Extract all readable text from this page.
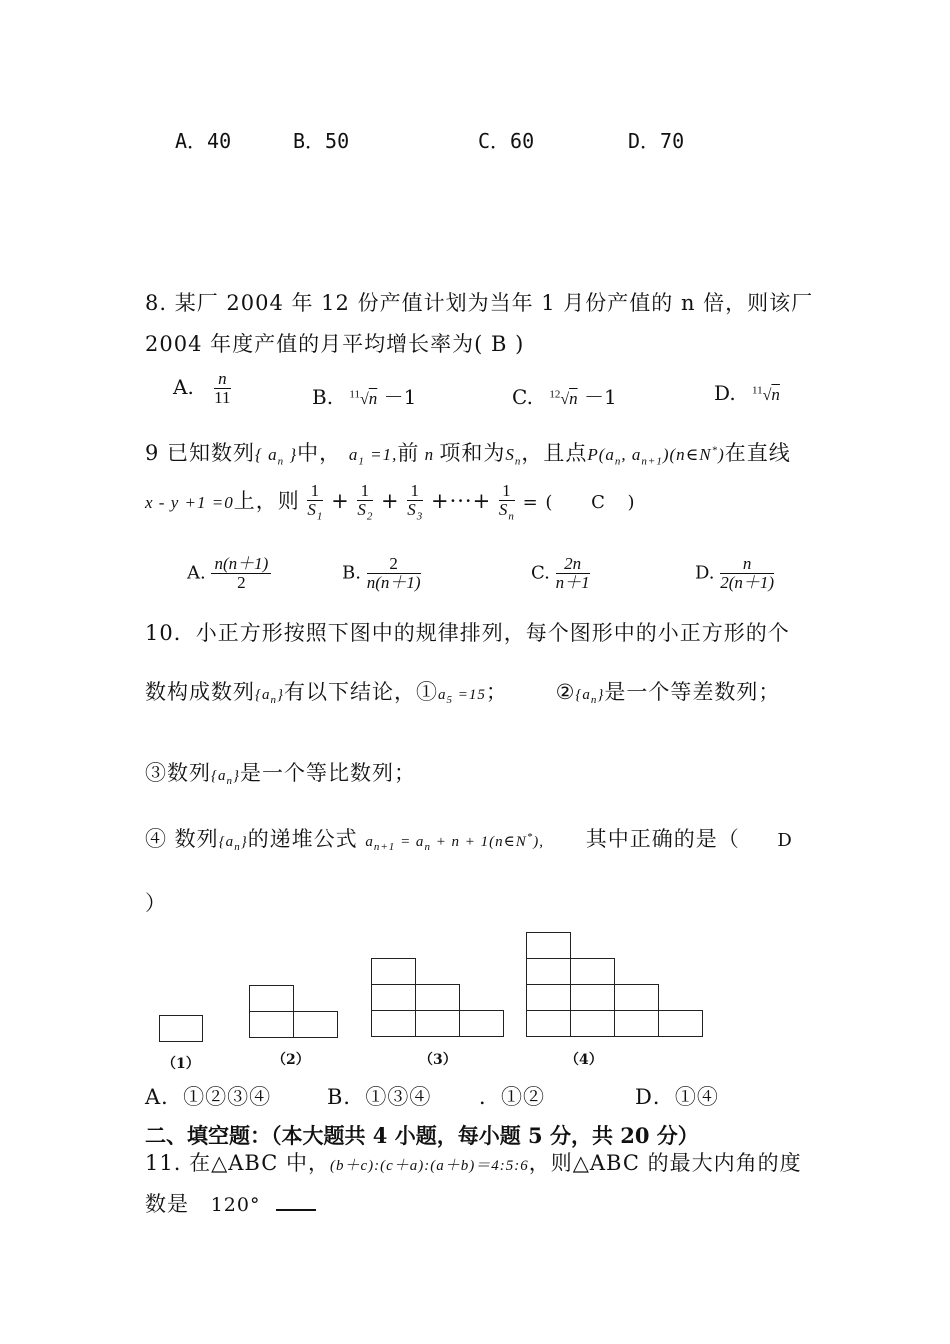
A．40	B．50	C．60	D．70
8. 某厂 2004 年 12 份产值计划为当年 1 月份产值的 n 倍，则该厂
2004 年度产值的月平均增长率为( B )
A. $\frac{n}{11}$	B. $^{11}$√n －1	C. $^{12}$√n －1	D. $^{11}$√n
9 已知数列{ $a_n$ }中， $a_1 =1$,前 n 项和为$S_n$，且点$P(a_n$, $a_{n+1})(n\in N^*)$在直线
x - y +1 =0上，则 $\frac{1}{S_1} + \frac{1}{S_2} + \frac{1}{S_3}$ +···+ $\frac{1}{S_n}$ = ( C )
A. $\frac{n(n+1)}{2}$	B. $\frac{2}{n(n+1)}$	C. $\frac{2n}{n+1}$	D. $\frac{n}{2(n+1)}$
10．小正方形按照下图中的规律排列，每个图形中的小正方形的个
数构成数列$\{a_n\}$有以下结论，$①a_5 =15$； $②\{a_n\}$是一个等差数列；
③数列$\{a_n\}$是一个等比数列；
④ 数列$\{a_n\}$的递堆公式 $a_{n+1} = a_n + n$ + 1(n∈N*), 其中正确的是（ D
）
（1）	（2）	（3）	（4）
A．①②③④	B．①③④ ．①②	D．①④
二、填空题：（本大题共 4 小题，每小题 5 分，共 20 分）
11. 在△ABC 中，(b＋c):(c＋a):(a＋b)＝4:5:6，则△ABC 的最大内角的度
数是 120°
